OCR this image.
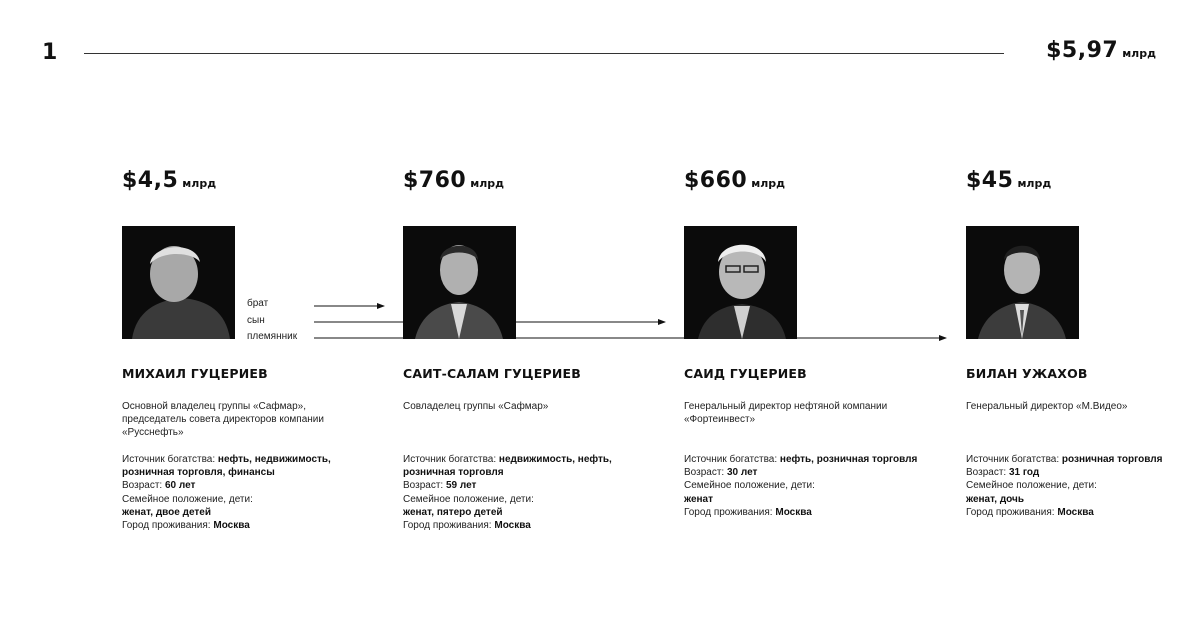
1	$5,97 млрд
брат
сын
племянник
$4,5 млрд
МИХАИЛ ГУЦЕРИЕВ
Основной владелец группы «Сафмар», председатель совета директоров компании «Русснефть»
Источник богатства: нефть, недвижимость, розничная торговля, финансы
Возраст: 60 лет
Семейное положение, дети:
женат, двое детей
Город проживания: Москва
$760 млрд
САИТ-САЛАМ ГУЦЕРИЕВ
Совладелец группы «Сафмар»
Источник богатства: недвижимость, нефть, розничная торговля
Возраст: 59 лет
Семейное положение, дети:
женат, пятеро детей
Город проживания: Москва
$660 млрд
САИД ГУЦЕРИЕВ
Генеральный директор нефтяной компании «Фортеинвест»
Источник богатства: нефть, розничная торговля
Возраст: 30 лет
Семейное положение, дети:
женат
Город проживания: Москва
$45 млрд
БИЛАН УЖАХОВ
Генеральный директор «М.Видео»
Источник богатства: розничная торговля
Возраст: 31 год
Семейное положение, дети:
женат, дочь
Город проживания: Москва
